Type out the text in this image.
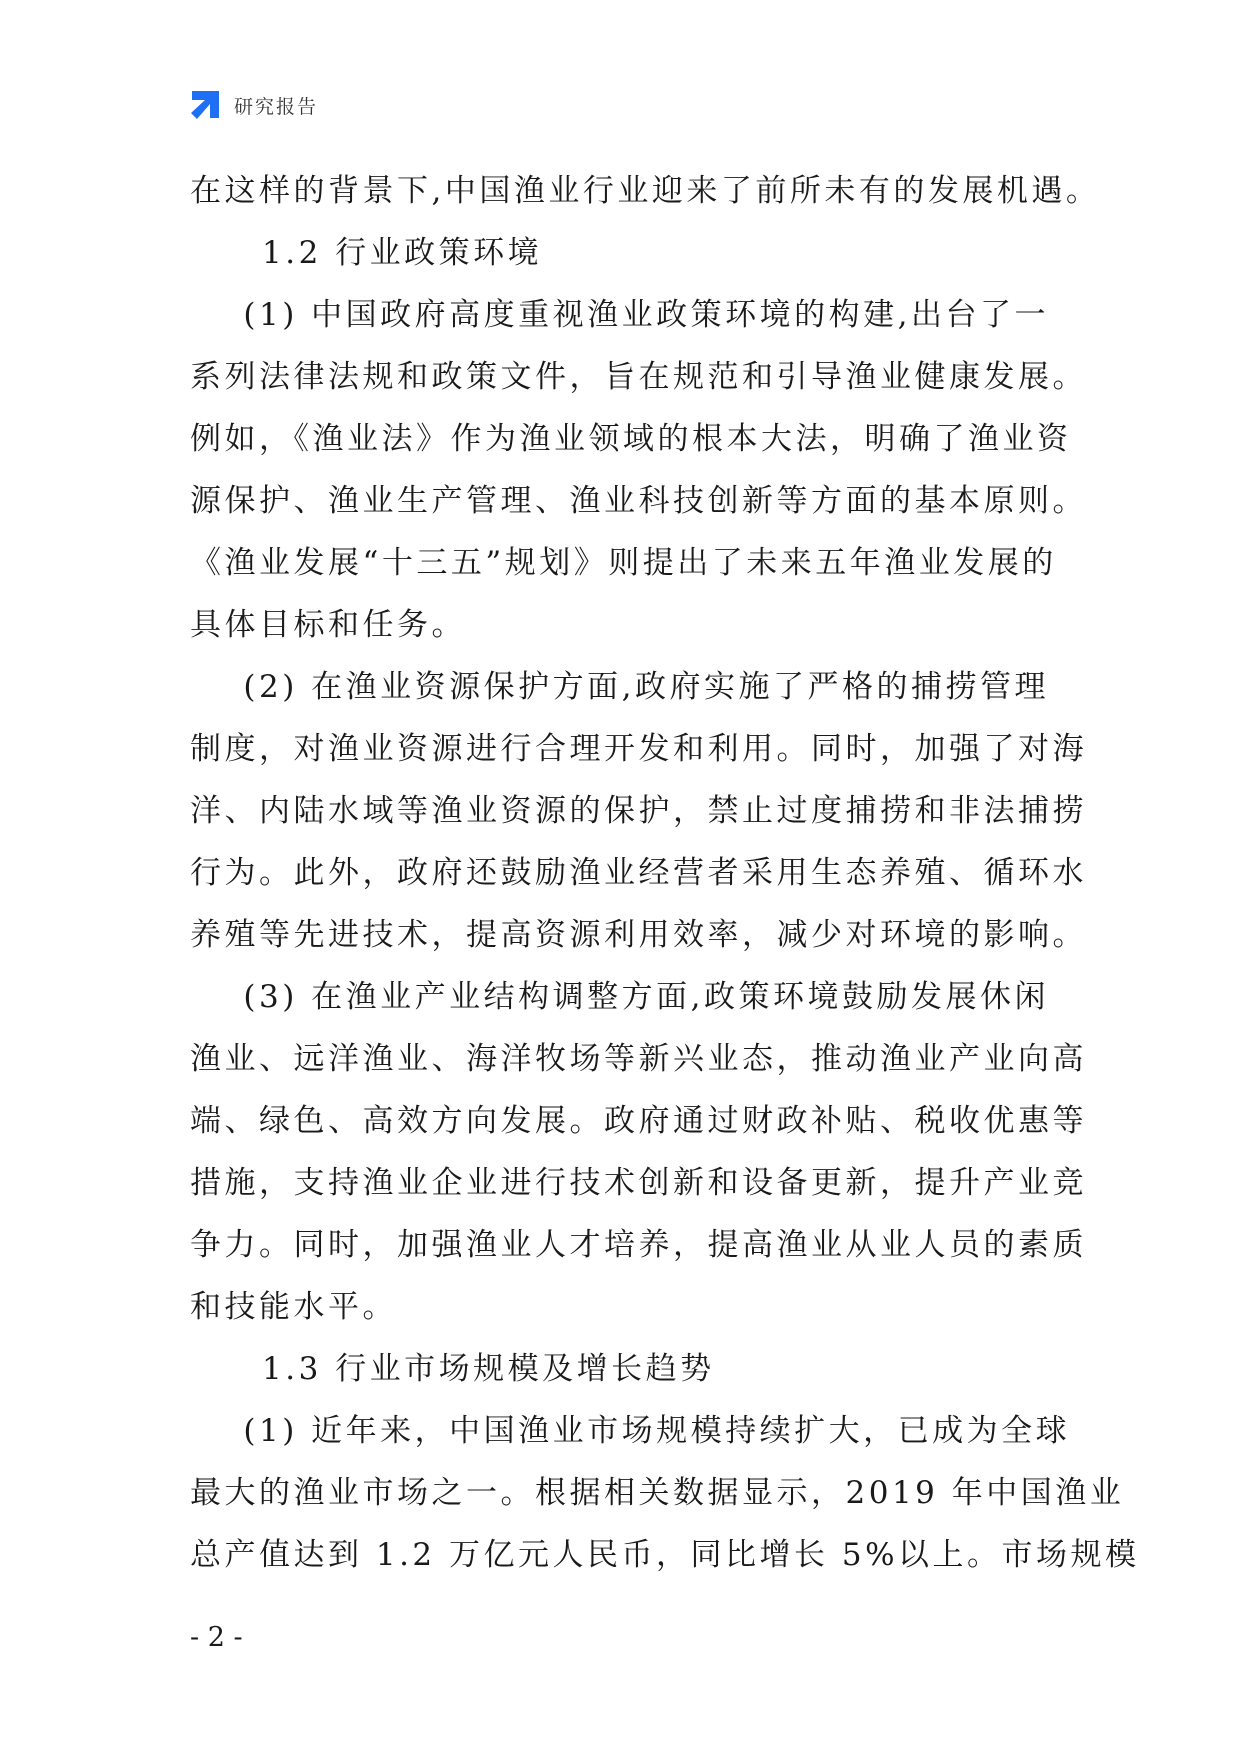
研究报告

在这样的背景下,中国渔业行业迎来了前所未有的发展机遇。

1.2 行业政策环境

(1) 中国政府高度重视渔业政策环境的构建,出台了一

系列法律法规和政策文件，旨在规范和引导渔业健康发展。

例如，《渔业法》作为渔业领域的根本大法，明确了渔业资

源保护、渔业生产管理、渔业科技创新等方面的基本原则。

《渔业发展“十三五”规划》则提出了未来五年渔业发展的

具体目标和任务。

(2) 在渔业资源保护方面,政府实施了严格的捕捞管理

制度，对渔业资源进行合理开发和利用。同时，加强了对海

洋、内陆水域等渔业资源的保护，禁止过度捕捞和非法捕捞

行为。此外，政府还鼓励渔业经营者采用生态养殖、循环水

养殖等先进技术，提高资源利用效率，减少对环境的影响。

(3) 在渔业产业结构调整方面,政策环境鼓励发展休闲

渔业、远洋渔业、海洋牧场等新兴业态，推动渔业产业向高

端、绿色、高效方向发展。政府通过财政补贴、税收优惠等

措施，支持渔业企业进行技术创新和设备更新，提升产业竞

争力。同时，加强渔业人才培养，提高渔业从业人员的素质

和技能水平。

1.3 行业市场规模及增长趋势

(1) 近年来，中国渔业市场规模持续扩大，已成为全球

最大的渔业市场之一。根据相关数据显示，2019 年中国渔业

总产值达到 1.2 万亿元人民币，同比增长 5%以上。市场规模

- 2 -
